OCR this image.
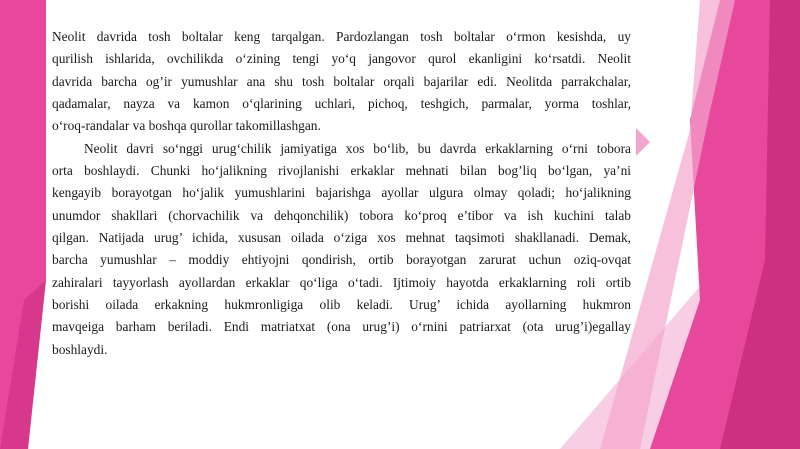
Neolit davrida tosh boltalar keng tarqalgan. Pardozlangan tosh boltalar o‘rmon kesishda, uy
qurilish ishlarida, ovchilikda o‘zining tengi yo‘q jangovor qurol ekanligini ko‘rsatdi. Neolit
davrida barcha og’ir yumushlar ana shu tosh boltalar orqali bajarilar edi. Neolitda parrakchalar,
qadamalar, nayza va kamon o‘qlarining uchlari, pichoq, teshgich, parmalar, yorma toshlar,
o‘roq-randalar va boshqa qurollar takomillashgan.
Neolit davri so‘nggi urug‘chilik jamiyatiga xos bo‘lib, bu davrda erkaklarning o‘rni tobora
orta boshlaydi. Chunki ho‘jalikning rivojlanishi erkaklar mehnati bilan bog’liq bo‘lgan, ya’ni
kengayib borayotgan ho‘jalik yumushlarini bajarishga ayollar ulgura olmay qoladi; ho‘jalikning
unumdor shakllari (chorvachilik va dehqonchilik) tobora ko‘proq e’tibor va ish kuchini talab
qilgan. Natijada urug’ ichida, xususan oilada o‘ziga xos mehnat taqsimoti shakllanadi. Demak,
barcha yumushlar – moddiy ehtiyojni qondirish, ortib borayotgan zarurat uchun oziq-ovqat
zahiralari tayyorlash ayollardan erkaklar qo‘liga o‘tadi. Ijtimoiy hayotda erkaklarning roli ortib
borishi oilada erkakning hukmronligiga olib keladi. Urug’ ichida ayollarning hukmron
mavqeiga barham beriladi. Endi matriatxat (ona urug’i) o‘rnini patriarxat (ota urug’i)egallay
boshlaydi.
